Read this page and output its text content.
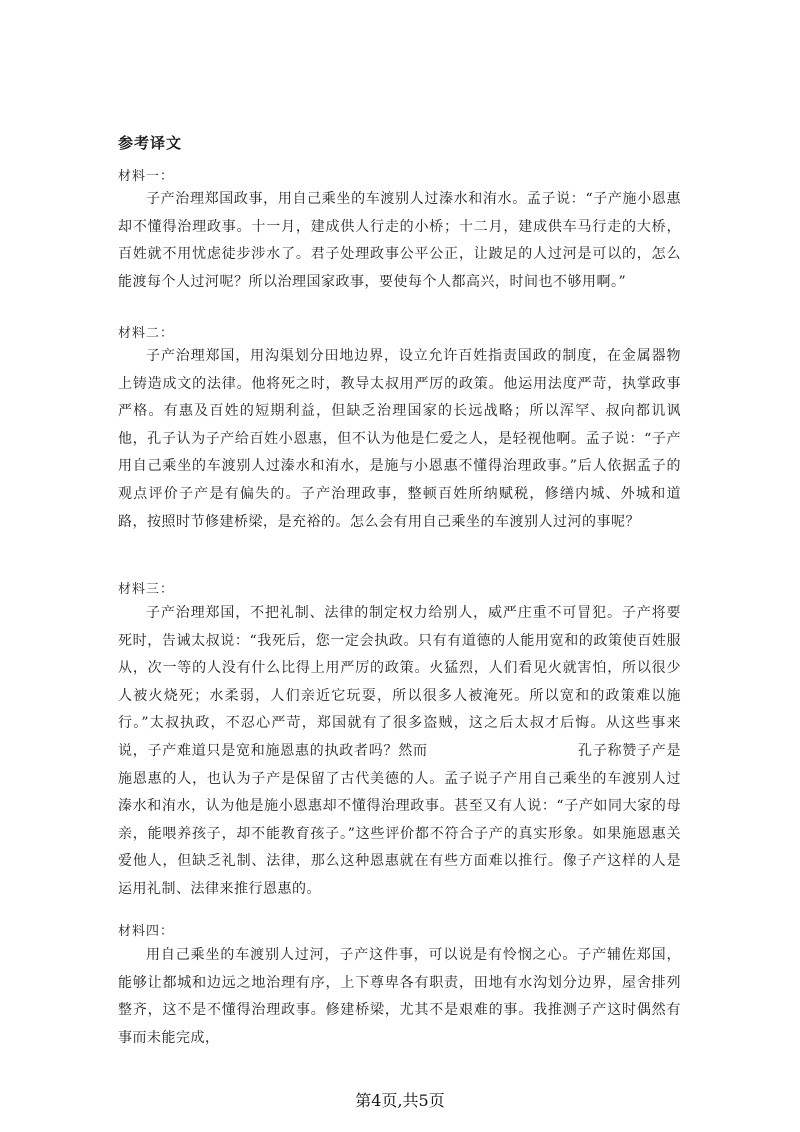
参考译文
材料一：

子产治理郑国政事，用自己乘坐的车渡别人过溱水和洧水。孟子说：“子产施小恩惠却不懂得治理政事。十一月，建成供人行走的小桥；十二月，建成供车马行走的大桥，百姓就不用忧虑徒步涉水了。君子处理政事公平公正，让跛足的人过河是可以的，怎么能渡每个人过河呢？所以治理国家政事，要使每个人都高兴，时间也不够用啊。”

材料二：

子产治理郑国，用沟渠划分田地边界，设立允许百姓指责国政的制度，在金属器物上铸造成文的法律。他将死之时，教导太叔用严厉的政策。他运用法度严苛，执掌政事严格。有惠及百姓的短期利益，但缺乏治理国家的长远战略；所以浑罕、叔向都讥讽他，孔子认为子产给百姓小恩惠，但不认为他是仁爱之人，是轻视他啊。孟子说：“子产用自己乘坐的车渡别人过溱水和洧水，是施与小恩惠不懂得治理政事。”后人依据孟子的观点评价子产是有偏失的。子产治理政事，整顿百姓所纳赋税，修缮内城、外城和道路，按照时节修建桥梁，是充裕的。怎么会有用自己乘坐的车渡别人过河的事呢？

材料三：

子产治理郑国，不把礼制、法律的制定权力给别人，威严庄重不可冒犯。子产将要死时，告诫太叔说：“我死后，您一定会执政。只有有道德的人能用宽和的政策使百姓服从，次一等的人没有什么比得上用严厉的政策。火猛烈，人们看见火就害怕，所以很少人被火烧死；水柔弱，人们亲近它玩耍，所以很多人被淹死。所以宽和的政策难以施行。”太叔执政，不忍心严苛，郑国就有了很多盗贼，这之后太叔才后悔。从这些事来说，子产难道只是宽和施恩惠的执政者吗？然而	孔子称赞子产是施恩惠的人，也认为子产是保留了古代美德的人。孟子说子产用自己乘坐的车渡别人过溱水和洧水，认为他是施小恩惠却不懂得治理政事。甚至又有人说：“子产如同大家的母亲，能喂养孩子，却不能教育孩子。”这些评价都不符合子产的真实形象。如果施恩惠关爱他人，但缺乏礼制、法律，那么这种恩惠就在有些方面难以推行。像子产这样的人是运用礼制、法律来推行恩惠的。

材料四：

用自己乘坐的车渡别人过河，子产这件事，可以说是有怜悯之心。子产辅佐郑国，能够让都城和边远之地治理有序，上下尊卑各有职责，田地有水沟划分边界，屋舍排列整齐，这不是不懂得治理政事。修建桥梁，尤其不是艰难的事。我推测子产这时偶然有事而未能完成，

第4页,共5页
